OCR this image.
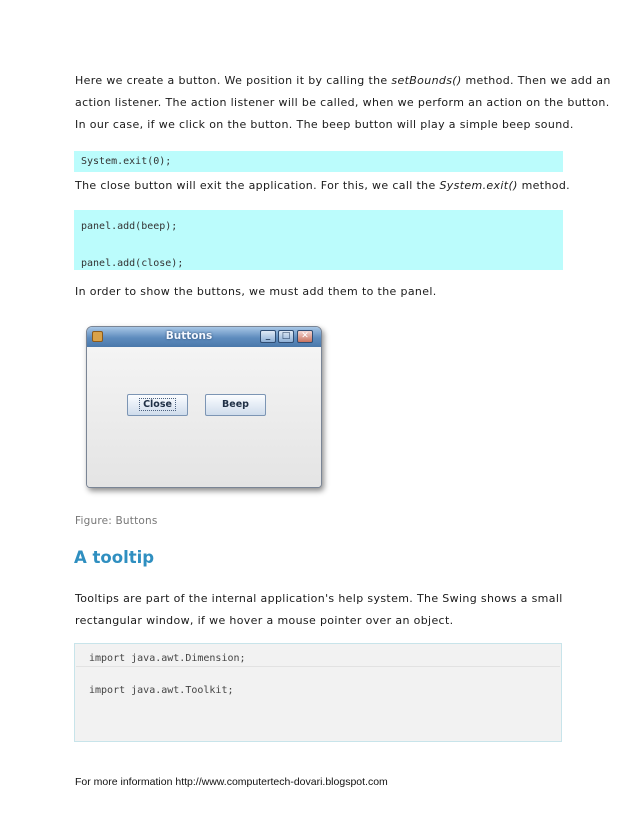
Here we create a button. We position it by calling the setBounds() method. Then we add an
action listener. The action listener will be called, when we perform an action on the button.
In our case, if we click on the button. The beep button will play a simple beep sound.
System.exit(0);
The close button will exit the application. For this, we call the System.exit() method.
panel.add(beep);
panel.add(close);
In order to show the buttons, we must add them to the panel.
Buttons	_	□	✕
Close	Beep
Figure: Buttons
A tooltip
Tooltips are part of the internal application's help system. The Swing shows a small
rectangular window, if we hover a mouse pointer over an object.
import java.awt.Dimension;
import java.awt.Toolkit;
For more information http://www.computertech-dovari.blogspot.com
